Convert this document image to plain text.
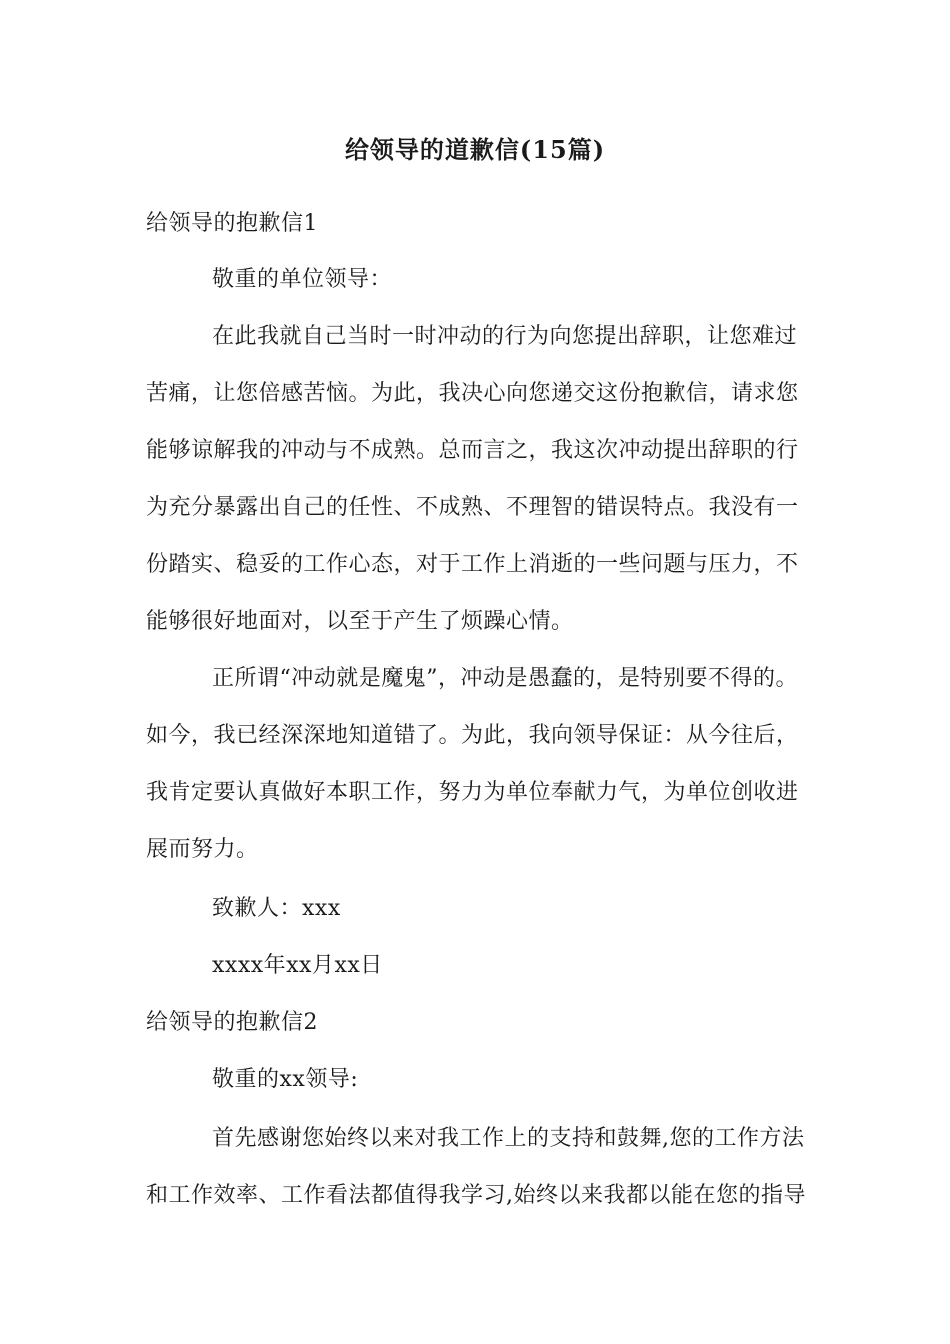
给领导的道歉信(15篇)
给领导的抱歉信1
敬重的单位领导：
在此我就自己当时一时冲动的行为向您提出辞职，让您难过
苦痛，让您倍感苦恼。为此，我决心向您递交这份抱歉信，请求您
能够谅解我的冲动与不成熟。总而言之，我这次冲动提出辞职的行
为充分暴露出自己的任性、不成熟、不理智的错误特点。我没有一
份踏实、稳妥的工作心态，对于工作上消逝的一些问题与压力，不
能够很好地面对，以至于产生了烦躁心情。
正所谓“冲动就是魔鬼”，冲动是愚蠢的，是特别要不得的。
如今，我已经深深地知道错了。为此，我向领导保证：从今往后，
我肯定要认真做好本职工作，努力为单位奉献力气，为单位创收进
展而努力。
致歉人：xxx
xxxx年xx月xx日
给领导的抱歉信2
敬重的xx领导:
首先感谢您始终以来对我工作上的支持和鼓舞,您的工作方法
和工作效率、工作看法都值得我学习,始终以来我都以能在您的指导
